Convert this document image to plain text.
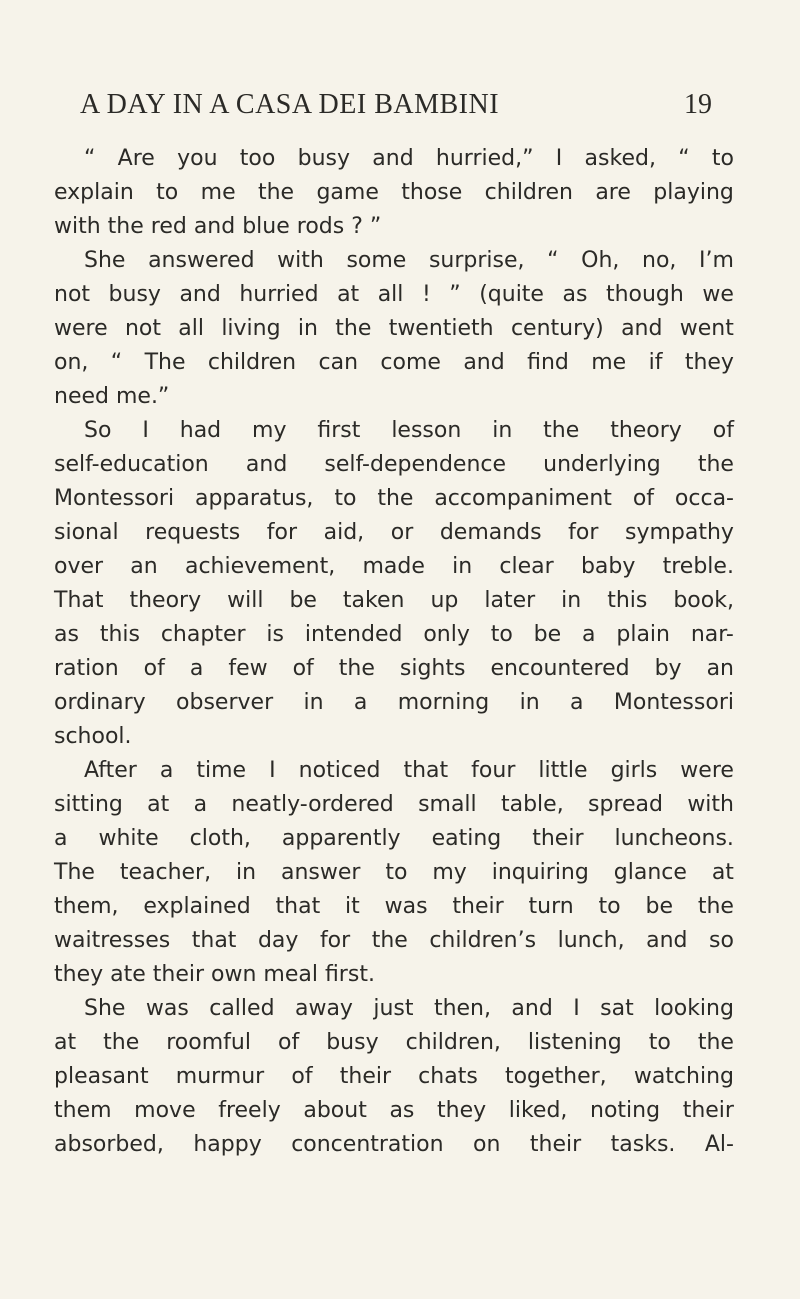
A DAY IN A CASA DEI BAMBINI	19
“ Are you too busy and hurried,” I asked, “ to
explain to me the game those children are playing
with the red and blue rods ? ”
She answered with some surprise, “ Oh, no, I’m
not busy and hurried at all ! ” (quite as though we
were not all living in the twentieth century) and went
on, “ The children can come and find me if they
need me.”
So I had my first lesson in the theory of
self-education and self-dependence underlying the
Montessori apparatus, to the accompaniment of occa-
sional requests for aid, or demands for sympathy
over an achievement, made in clear baby treble.
That theory will be taken up later in this book,
as this chapter is intended only to be a plain nar-
ration of a few of the sights encountered by an
ordinary observer in a morning in a Montessori
school.
After a time I noticed that four little girls were
sitting at a neatly-ordered small table, spread with
a white cloth, apparently eating their luncheons.
The teacher, in answer to my inquiring glance at
them, explained that it was their turn to be the
waitresses that day for the children’s lunch, and so
they ate their own meal first.
She was called away just then, and I sat looking
at the roomful of busy children, listening to the
pleasant murmur of their chats together, watching
them move freely about as they liked, noting their
absorbed, happy concentration on their tasks. Al-
